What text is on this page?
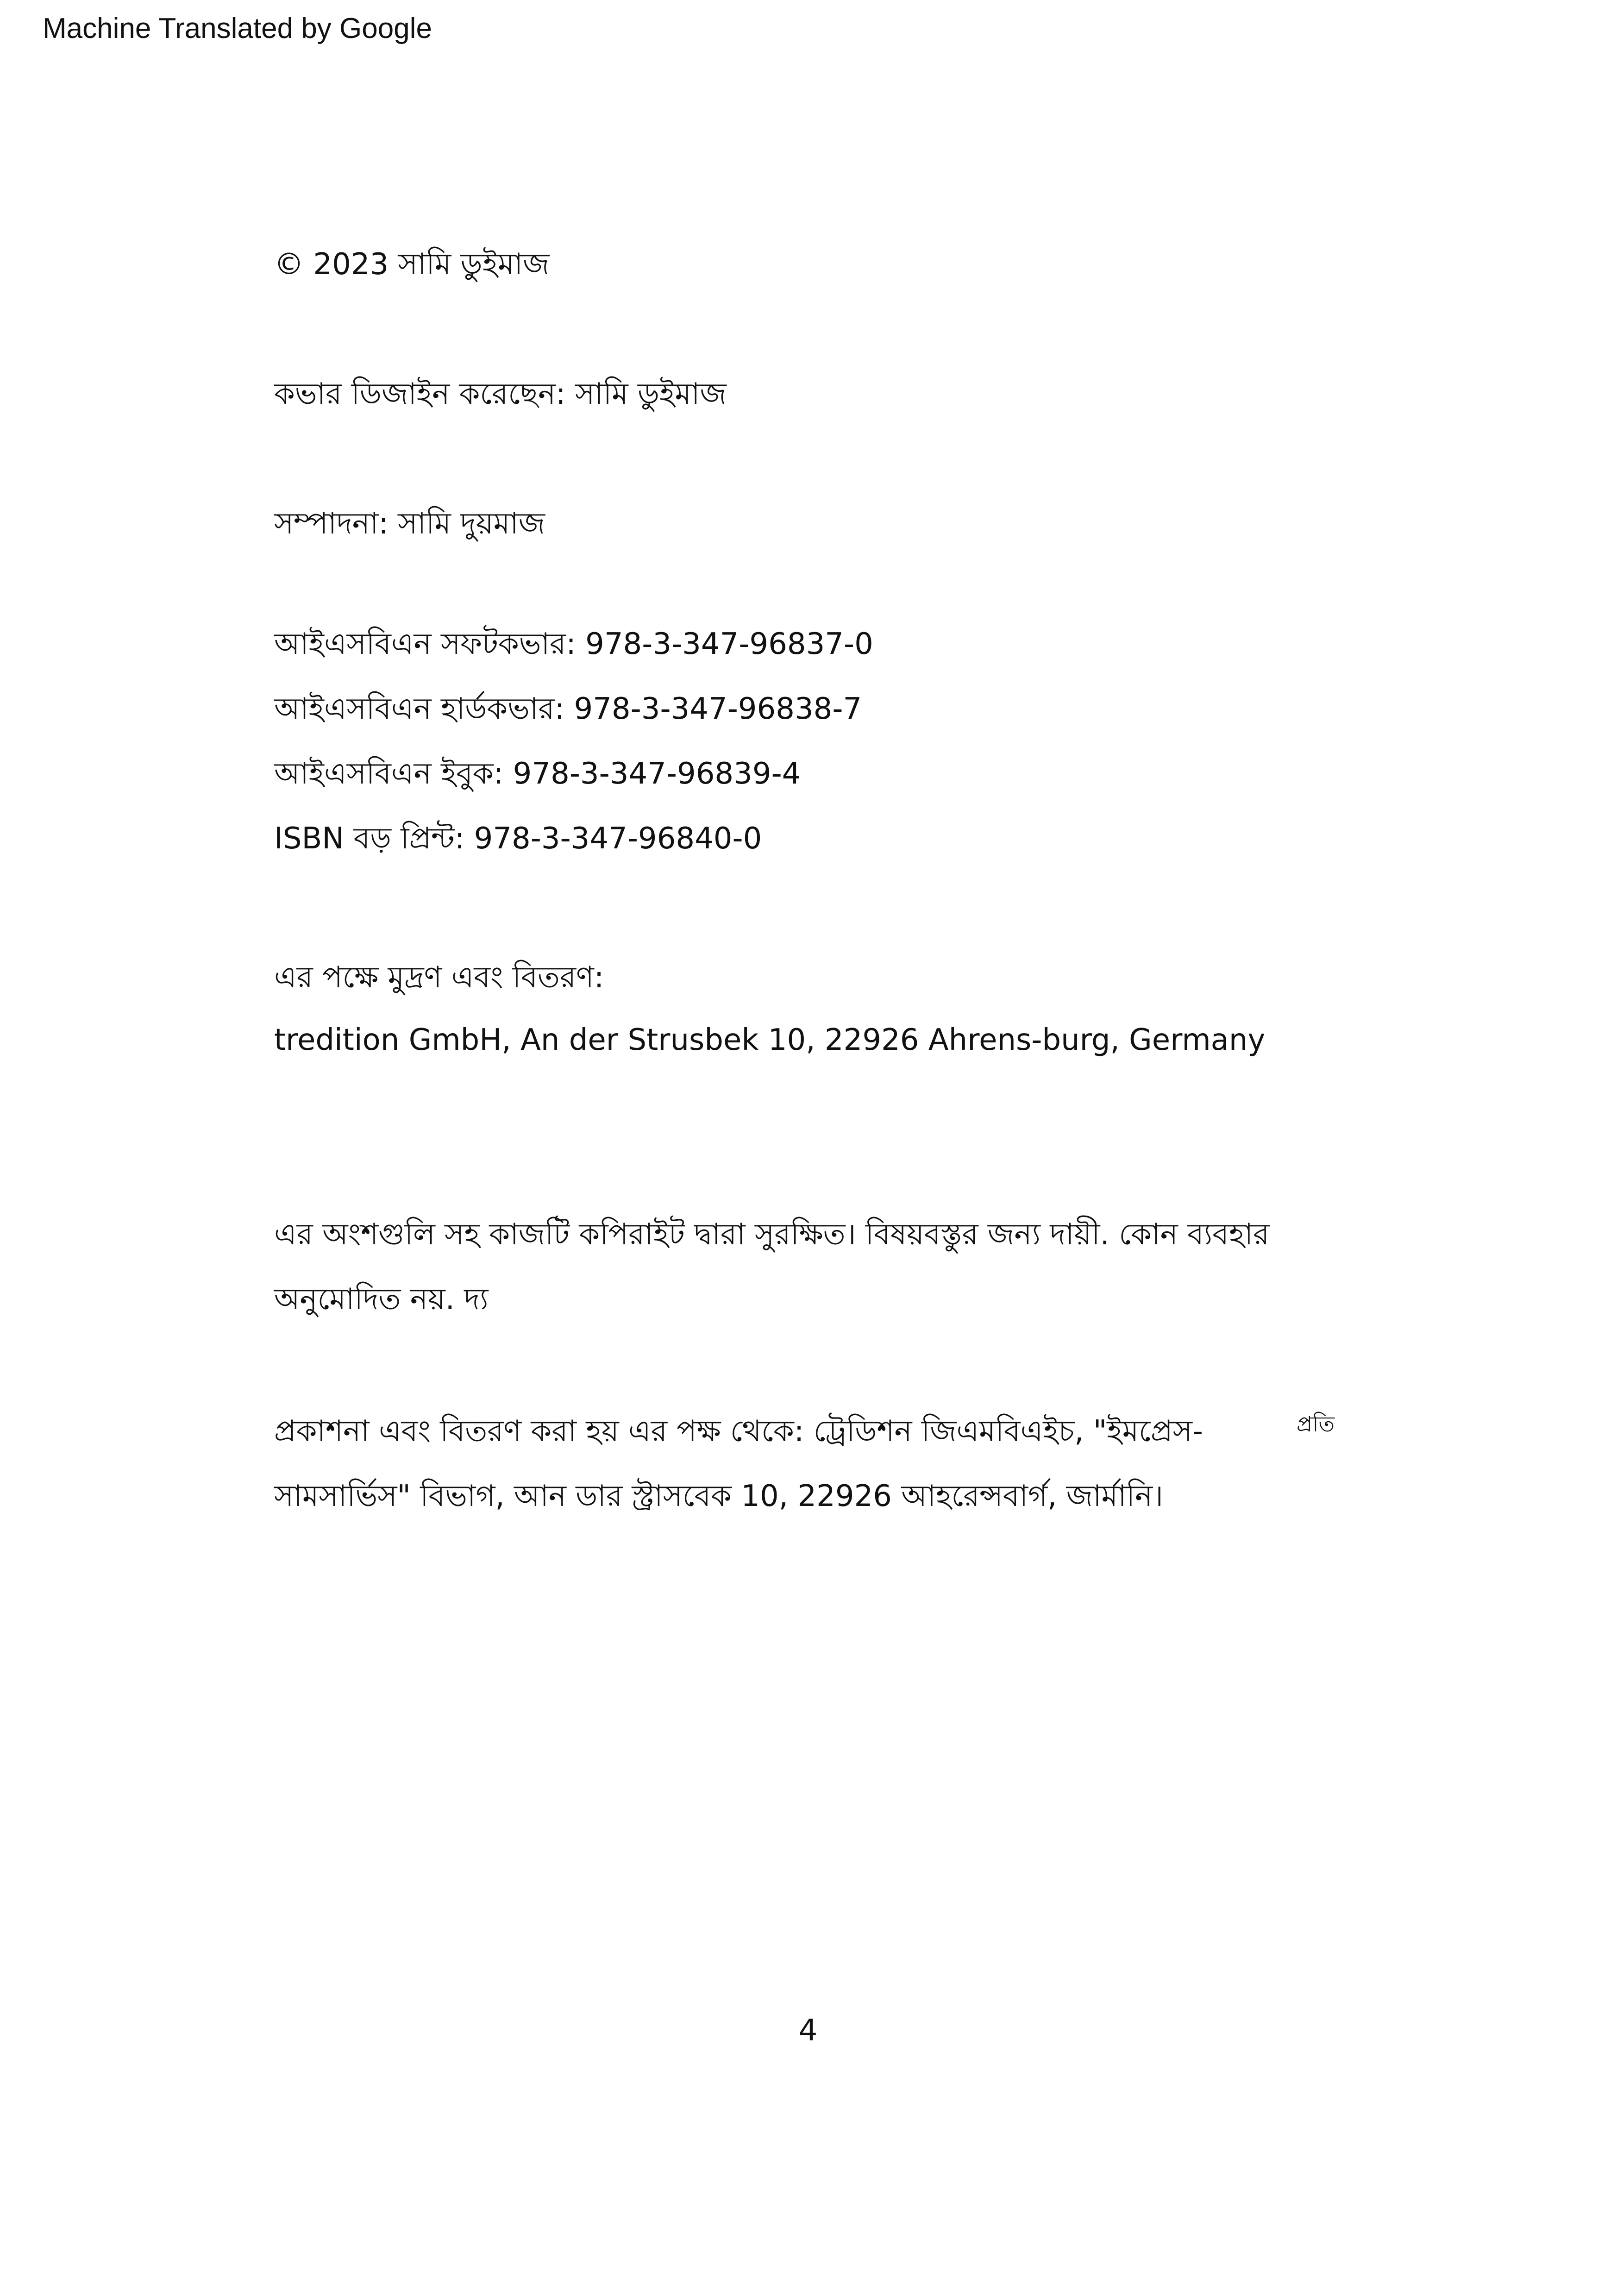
Machine Translated by Google
© 2023 সামি ডুইমাজ
কভার ডিজাইন করেছেন: সামি ডুইমাজ
সম্পাদনা: সামি দুয়মাজ
আইএসবিএন সফটকভার: 978-3-347-96837-0
আইএসবিএন হার্ডকভার: 978-3-347-96838-7
আইএসবিএন ইবুক: 978-3-347-96839-4
ISBN বড় প্রিন্ট: 978-3-347-96840-0
এর পক্ষে মুদ্রণ এবং বিতরণ:
tredition GmbH, An der Strusbek 10, 22926 Ahrens-burg, Germany
এর অংশগুলি সহ কাজটি কপিরাইট দ্বারা সুরক্ষিত। বিষয়বস্তুর জন্য দায়ী. কোন ব্যবহার
অনুমোদিত নয়. দ্য
প্রকাশনা এবং বিতরণ করা হয় এর পক্ষ থেকে: ট্রেডিশন জিএমবিএইচ, "ইমপ্রেস-
সামসার্ভিস" বিভাগ, আন ডার স্ট্রাসবেক 10, 22926 আহরেন্সবার্গ, জার্মানি।
প্রতি
4
